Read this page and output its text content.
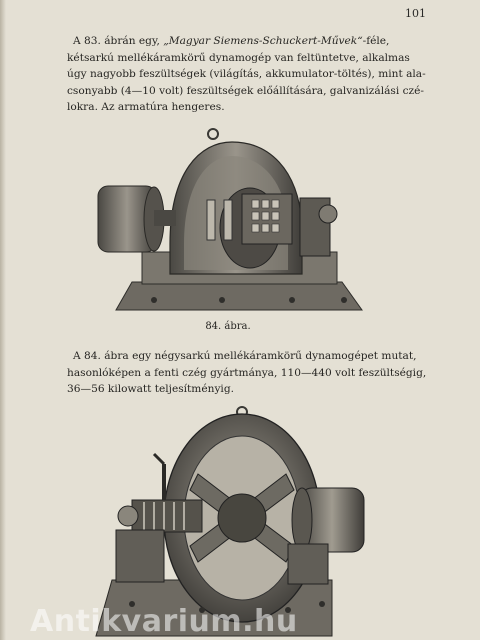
101

A 83. ábrán egy, „Magyar Siemens-Schuckert-Művek“-féle,
kétsarkú mellékáramkörű dynamogép van feltüntetve, alkalmas
úgy nagyobb feszültségek (világítás, akkumulator-töltés), mint ala-
csonyabb (4—10 volt) feszültségek előállítására, galvanizálási czé-
lokra. Az armatúra hengeres.

84. ábra.

A 84. ábra egy négysarkú mellékáramkörű dynamogépet mutat,
hasonlóképen a fenti czég gyártmánya, 110—440 volt feszültségig,
36—56 kilowatt teljesítményig.

Antikvarium.hu
